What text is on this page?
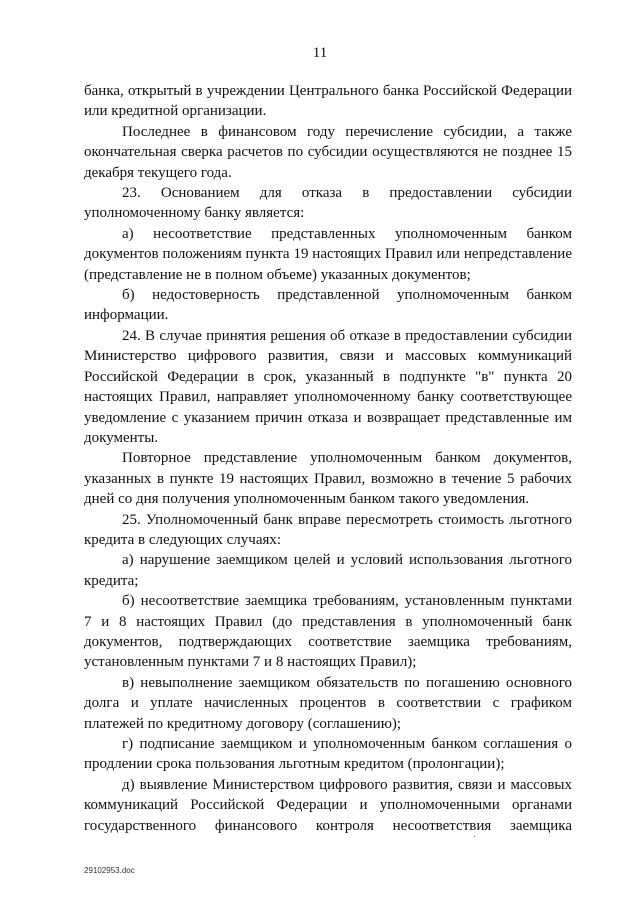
11

банка, открытый в учреждении Центрального банка Российской Федерации или кредитной организации.

Последнее в финансовом году перечисление субсидии, а также окончательная сверка расчетов по субсидии осуществляются не позднее 15 декабря текущего года.

23. Основанием для отказа в предоставлении субсидии уполномоченному банку является:

а) несоответствие представленных уполномоченным банком документов положениям пункта 19 настоящих Правил или непредставление (представление не в полном объеме) указанных документов;

б) недостоверность представленной уполномоченным банком информации.

24. В случае принятия решения об отказе в предоставлении субсидии Министерство цифрового развития, связи и массовых коммуникаций Российской Федерации в срок, указанный в подпункте "в" пункта 20 настоящих Правил, направляет уполномоченному банку соответствующее уведомление с указанием причин отказа и возвращает представленные им документы.

Повторное представление уполномоченным банком документов, указанных в пункте 19 настоящих Правил, возможно в течение 5 рабочих дней со дня получения уполномоченным банком такого уведомления.

25. Уполномоченный банк вправе пересмотреть стоимость льготного кредита в следующих случаях:

а) нарушение заемщиком целей и условий использования льготного кредита;

б) несоответствие заемщика требованиям, установленным пунктами 7 и 8 настоящих Правил (до представления в уполномоченный банк документов, подтверждающих соответствие заемщика требованиям, установленным пунктами 7 и 8 настоящих Правил);

в) невыполнение заемщиком обязательств по погашению основного долга и уплате начисленных процентов в соответствии с графиком платежей по кредитному договору (соглашению);

г) подписание заемщиком и уполномоченным банком соглашения о продлении срока пользования льготным кредитом (пролонгации);

д) выявление Министерством цифрового развития, связи и массовых коммуникаций Российской Федерации и уполномоченными органами государственного финансового контроля несоответствия заемщика

·
29102953.doc
